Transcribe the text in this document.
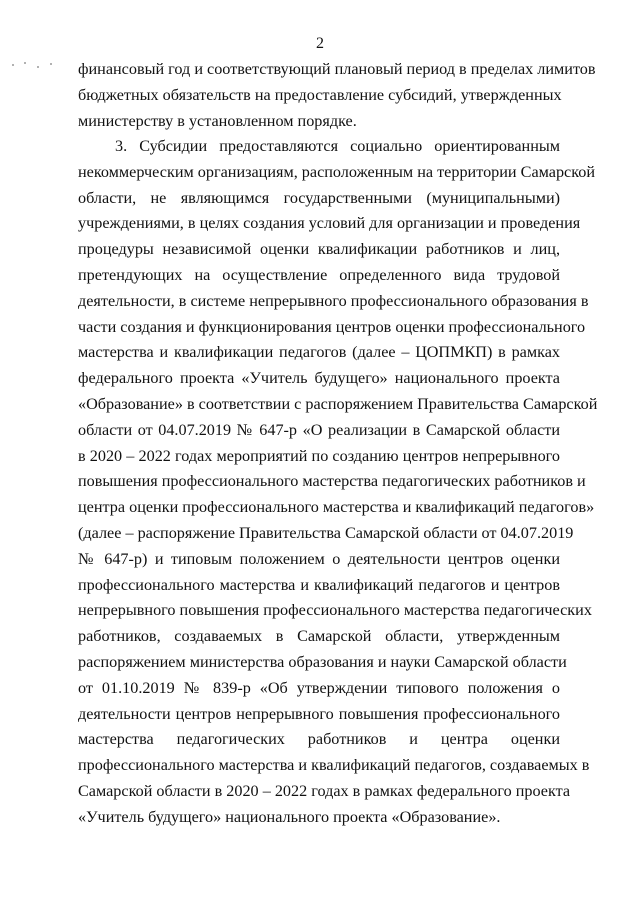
2
финансовый год и соответствующий плановый период в пределах лимитов
бюджетных обязательств на предоставление субсидий, утвержденных
министерству в установленном порядке.
3. Субсидии предоставляются социально ориентированным
некоммерческим организациям, расположенным на территории Самарской
области, не являющимся государственными (муниципальными)
учреждениями, в целях создания условий для организации и проведения
процедуры независимой оценки квалификации работников и лиц,
претендующих на осуществление определенного вида трудовой
деятельности, в системе непрерывного профессионального образования в
части создания и функционирования центров оценки профессионального
мастерства и квалификации педагогов (далее – ЦОПМКП) в рамках
федерального проекта «Учитель будущего» национального проекта
«Образование» в соответствии с распоряжением Правительства Самарской
области от 04.07.2019 № 647-р «О реализации в Самарской области
в 2020 – 2022 годах мероприятий по созданию центров непрерывного
повышения профессионального мастерства педагогических работников и
центра оценки профессионального мастерства и квалификаций педагогов»
(далее – распоряжение Правительства Самарской области от 04.07.2019
№ 647-р) и типовым положением о деятельности центров оценки
профессионального мастерства и квалификаций педагогов и центров
непрерывного повышения профессионального мастерства педагогических
работников, создаваемых в Самарской области, утвержденным
распоряжением министерства образования и науки Самарской области
от 01.10.2019 № 839-р «Об утверждении типового положения о
деятельности центров непрерывного повышения профессионального
мастерства педагогических работников и центра оценки
профессионального мастерства и квалификаций педагогов, создаваемых в
Самарской области в 2020 – 2022 годах в рамках федерального проекта
«Учитель будущего» национального проекта «Образование».
